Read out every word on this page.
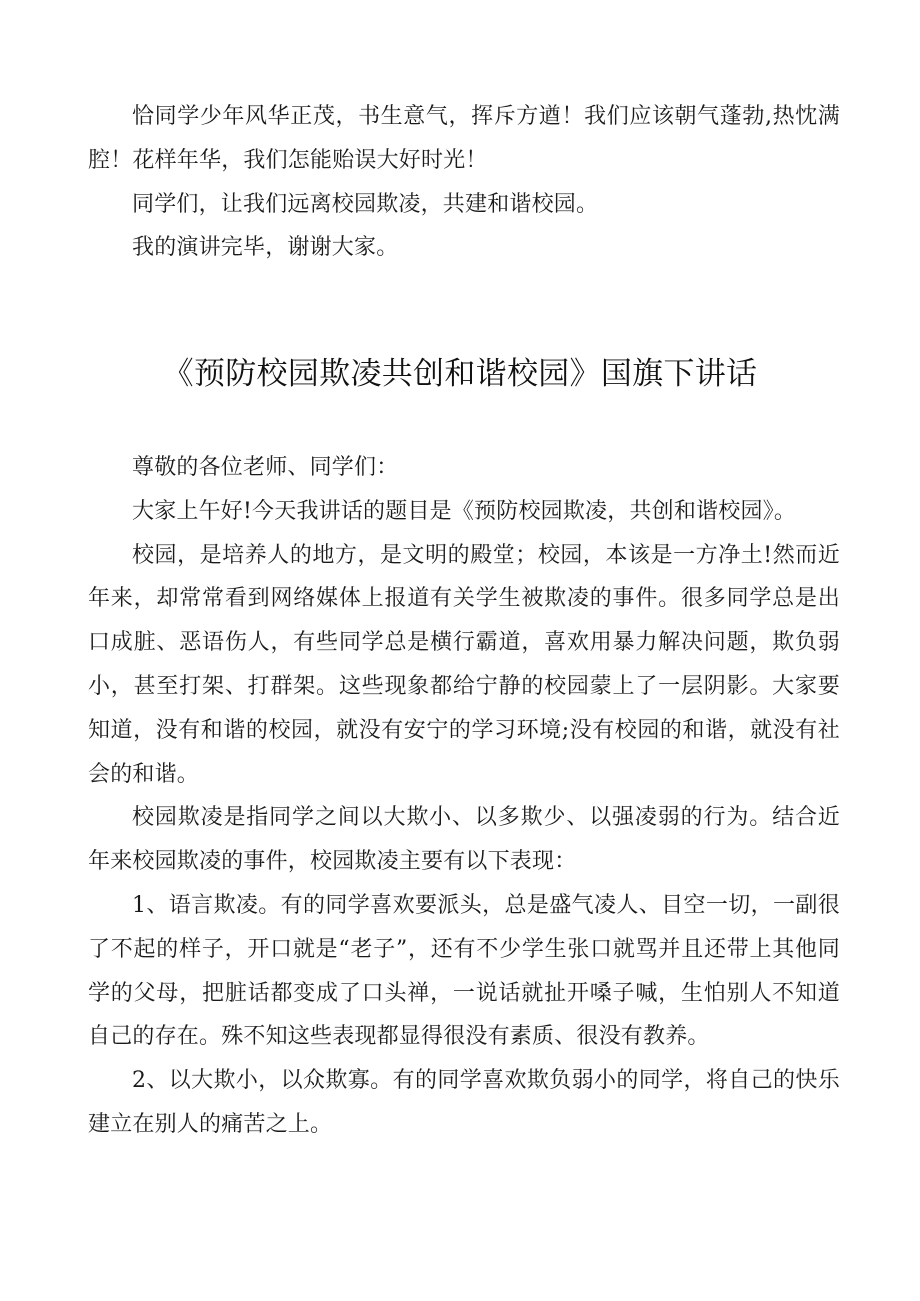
恰同学少年风华正茂，书生意气，挥斥方遒！我们应该朝气蓬勃,热忱满腔！花样年华，我们怎能贻误大好时光！

同学们，让我们远离校园欺凌，共建和谐校园。

我的演讲完毕，谢谢大家。

《预防校园欺凌共创和谐校园》国旗下讲话

尊敬的各位老师、同学们：

大家上午好!今天我讲话的题目是《预防校园欺凌，共创和谐校园》。

校园，是培养人的地方，是文明的殿堂；校园，本该是一方净土!然而近年来，却常常看到网络媒体上报道有关学生被欺凌的事件。很多同学总是出口成脏、恶语伤人，有些同学总是横行霸道，喜欢用暴力解决问题，欺负弱小，甚至打架、打群架。这些现象都给宁静的校园蒙上了一层阴影。大家要知道，没有和谐的校园，就没有安宁的学习环境;没有校园的和谐，就没有社会的和谐。

校园欺凌是指同学之间以大欺小、以多欺少、以强凌弱的行为。结合近年来校园欺凌的事件，校园欺凌主要有以下表现：

1、语言欺凌。有的同学喜欢要派头，总是盛气凌人、目空一切，一副很了不起的样子，开口就是“老子”，还有不少学生张口就骂并且还带上其他同学的父母，把脏话都变成了口头禅，一说话就扯开嗓子喊，生怕别人不知道自己的存在。殊不知这些表现都显得很没有素质、很没有教养。

2、以大欺小，以众欺寡。有的同学喜欢欺负弱小的同学，将自己的快乐建立在别人的痛苦之上。
